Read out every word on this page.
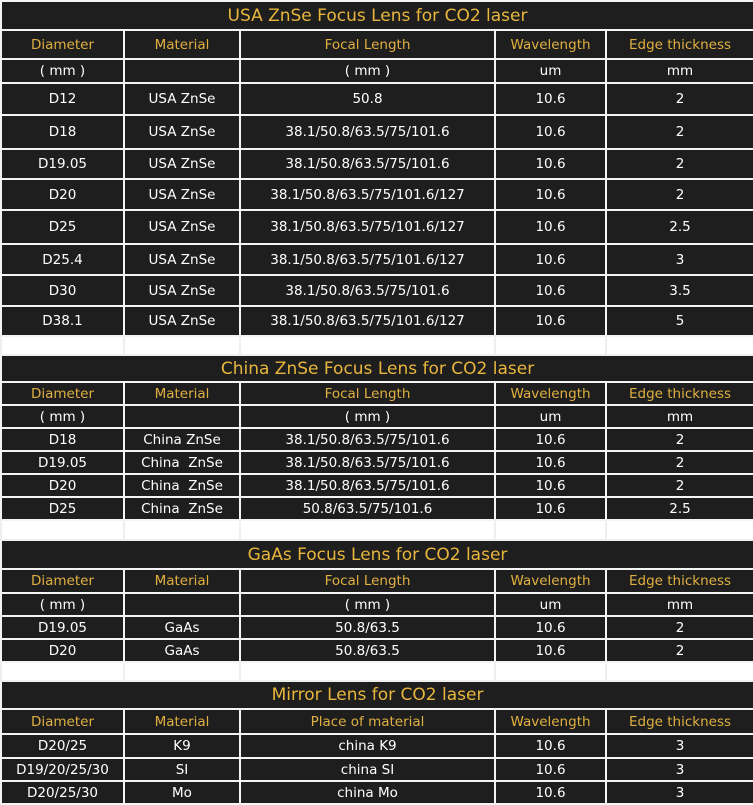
USA ZnSe Focus Lens for CO2 laser				
Diameter	Material	Focal Length	Wavelength	Edge thickness
( mm )		( mm )	um	mm
D12	USA ZnSe	50.8	10.6	2
D18	USA ZnSe	38.1/50.8/63.5/75/101.6	10.6	2
D19.05	USA ZnSe	38.1/50.8/63.5/75/101.6	10.6	2
D20	USA ZnSe	38.1/50.8/63.5/75/101.6/127	10.6	2
D25	USA ZnSe	38.1/50.8/63.5/75/101.6/127	10.6	2.5
D25.4	USA ZnSe	38.1/50.8/63.5/75/101.6/127	10.6	3
D30	USA ZnSe	38.1/50.8/63.5/75/101.6	10.6	3.5
D38.1	USA ZnSe	38.1/50.8/63.5/75/101.6/127	10.6	5

China ZnSe Focus Lens for CO2 laser				
Diameter	Material	Focal Length	Wavelength	Edge thickness
( mm )		( mm )	um	mm
D18	China ZnSe	38.1/50.8/63.5/75/101.6	10.6	2
D19.05	China  ZnSe	38.1/50.8/63.5/75/101.6	10.6	2
D20	China  ZnSe	38.1/50.8/63.5/75/101.6	10.6	2
D25	China  ZnSe	50.8/63.5/75/101.6	10.6	2.5

GaAs Focus Lens for CO2 laser				
Diameter	Material	Focal Length	Wavelength	Edge thickness
( mm )		( mm )	um	mm
D19.05	GaAs	50.8/63.5	10.6	2
D20	GaAs	50.8/63.5	10.6	2

Mirror Lens for CO2 laser				
Diameter	Material	Place of material	Wavelength	Edge thickness
D20/25	K9	china K9	10.6	3
D19/20/25/30	SI	china SI	10.6	3
D20/25/30	Mo	china Mo	10.6	3
